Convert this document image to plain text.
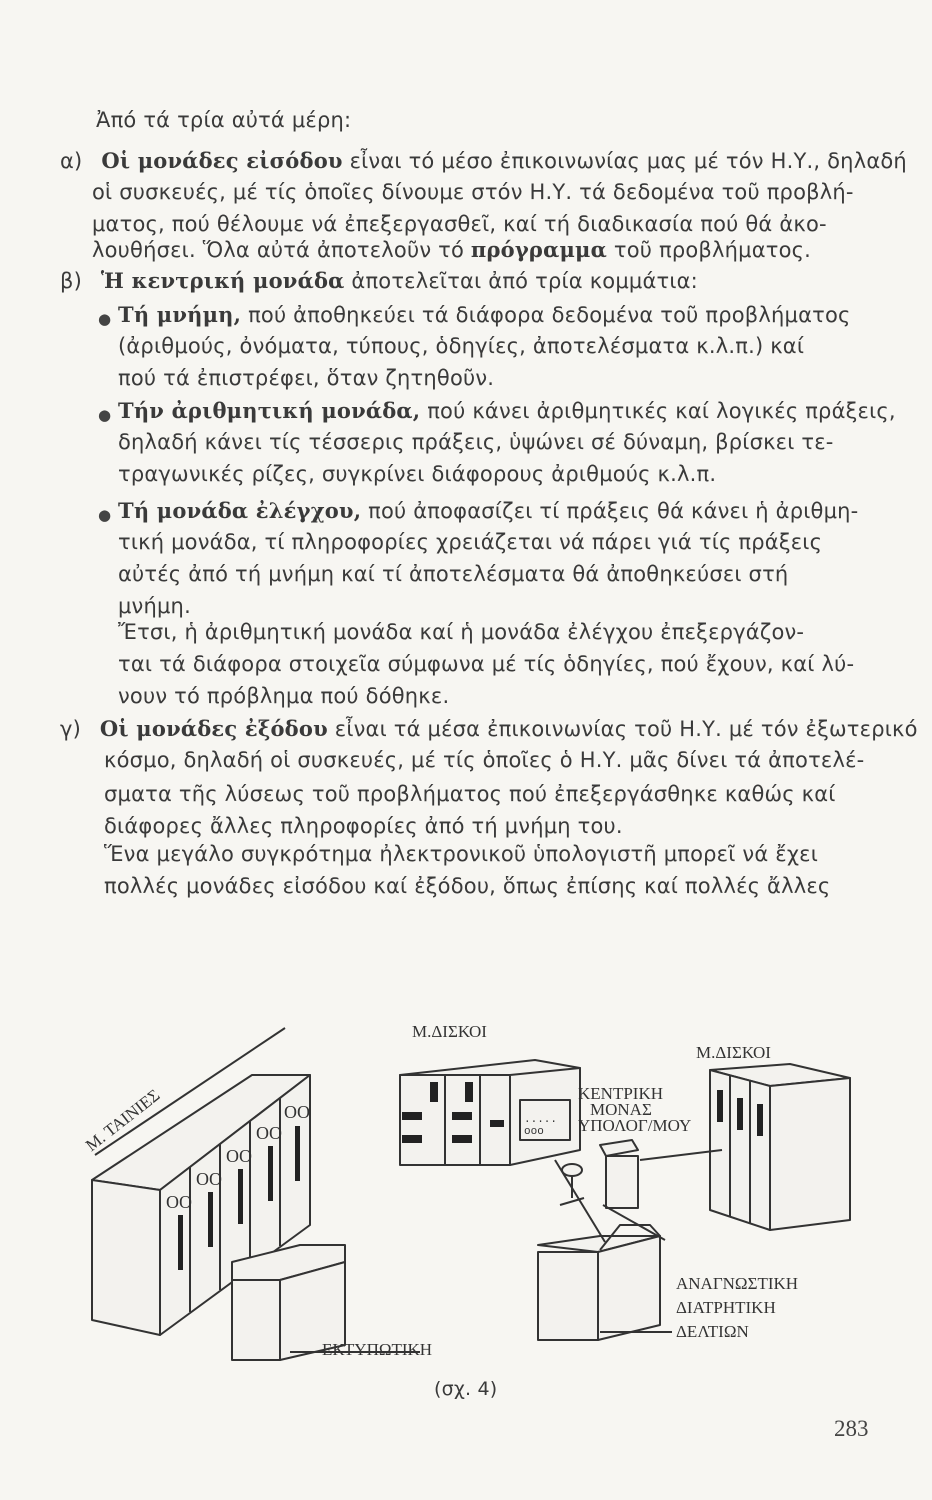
Ἀπό τά τρία αὐτά μέρη:
α) Οἱ μονάδες εἰσόδου εἶναι τό μέσο ἐπικοινωνίας μας μέ τόν Η.Υ., δηλαδή
οἱ συσκευές, μέ τίς ὁποῖες δίνουμε στόν Η.Υ. τά δεδομένα τοῦ προβλή-
ματος, πού θέλουμε νά ἐπεξεργασθεῖ, καί τή διαδικασία πού θά ἀκο-
λουθήσει. Ὅλα αὐτά ἀποτελοῦν τό πρόγραμμα τοῦ προβλήματος.
β) Ἡ κεντρική μονάδα ἀποτελεῖται ἀπό τρία κομμάτια:
● Τή μνήμη, πού ἀποθηκεύει τά διάφορα δεδομένα τοῦ προβλήματος
(ἀριθμούς, ὀνόματα, τύπους, ὁδηγίες, ἀποτελέσματα κ.λ.π.) καί
πού τά ἐπιστρέφει, ὅταν ζητηθοῦν.
● Τήν ἀριθμητική μονάδα, πού κάνει ἀριθμητικές καί λογικές πράξεις,
δηλαδή κάνει τίς τέσσερις πράξεις, ὑψώνει σέ δύναμη, βρίσκει τε-
τραγωνικές ρίζες, συγκρίνει διάφορους ἀριθμούς κ.λ.π.
● Τή μονάδα ἐλέγχου, πού ἀποφασίζει τί πράξεις θά κάνει ἡ ἀριθμη-
τική μονάδα, τί πληροφορίες χρειάζεται νά πάρει γιά τίς πράξεις
αὐτές ἀπό τή μνήμη καί τί ἀποτελέσματα θά ἀποθηκεύσει στή
μνήμη.
Ἔτσι, ἡ ἀριθμητική μονάδα καί ἡ μονάδα ἐλέγχου ἐπεξεργάζον-
ται τά διάφορα στοιχεῖα σύμφωνα μέ τίς ὁδηγίες, πού ἔχουν, καί λύ-
νουν τό πρόβλημα πού δόθηκε.
γ) Οἱ μονάδες ἐξόδου εἶναι τά μέσα ἐπικοινωνίας τοῦ Η.Υ. μέ τόν ἐξωτερικό
κόσμο, δηλαδή οἱ συσκευές, μέ τίς ὁποῖες ὁ Η.Υ. μᾶς δίνει τά ἀποτελέ-
σματα τῆς λύσεως τοῦ προβλήματος πού ἐπεξεργάσθηκε καθώς καί
διάφορες ἄλλες πληροφορίες ἀπό τή μνήμη του.
Ἕνα μεγάλο συγκρότημα ἠλεκτρονικοῦ ὑπολογιστῆ μπορεῖ νά ἔχει
πολλές μονάδες εἰσόδου καί ἐξόδου, ὅπως ἐπίσης καί πολλές ἄλλες
OO
OO
OO
OO
OO	.....
ooo
Μ.ΔΙΣΚΟΙ
Μ.ΔΙΣΚΟΙ
Μ. ΤΑΙΝΙΕΣ	ΚΕΝΤΡΙΚΗ
ΜΟΝΑΣ
ΥΠΟΛΟΓ/ΜΟΥ
ΑΝΑΓΝΩΣΤΙΚΗ
ΔΙΑΤΡΗΤΙΚΗ
ΔΕΛΤΙΩΝ
ΕΚΤΥΠΩΤΙΚΗ
(σχ. 4)
283
